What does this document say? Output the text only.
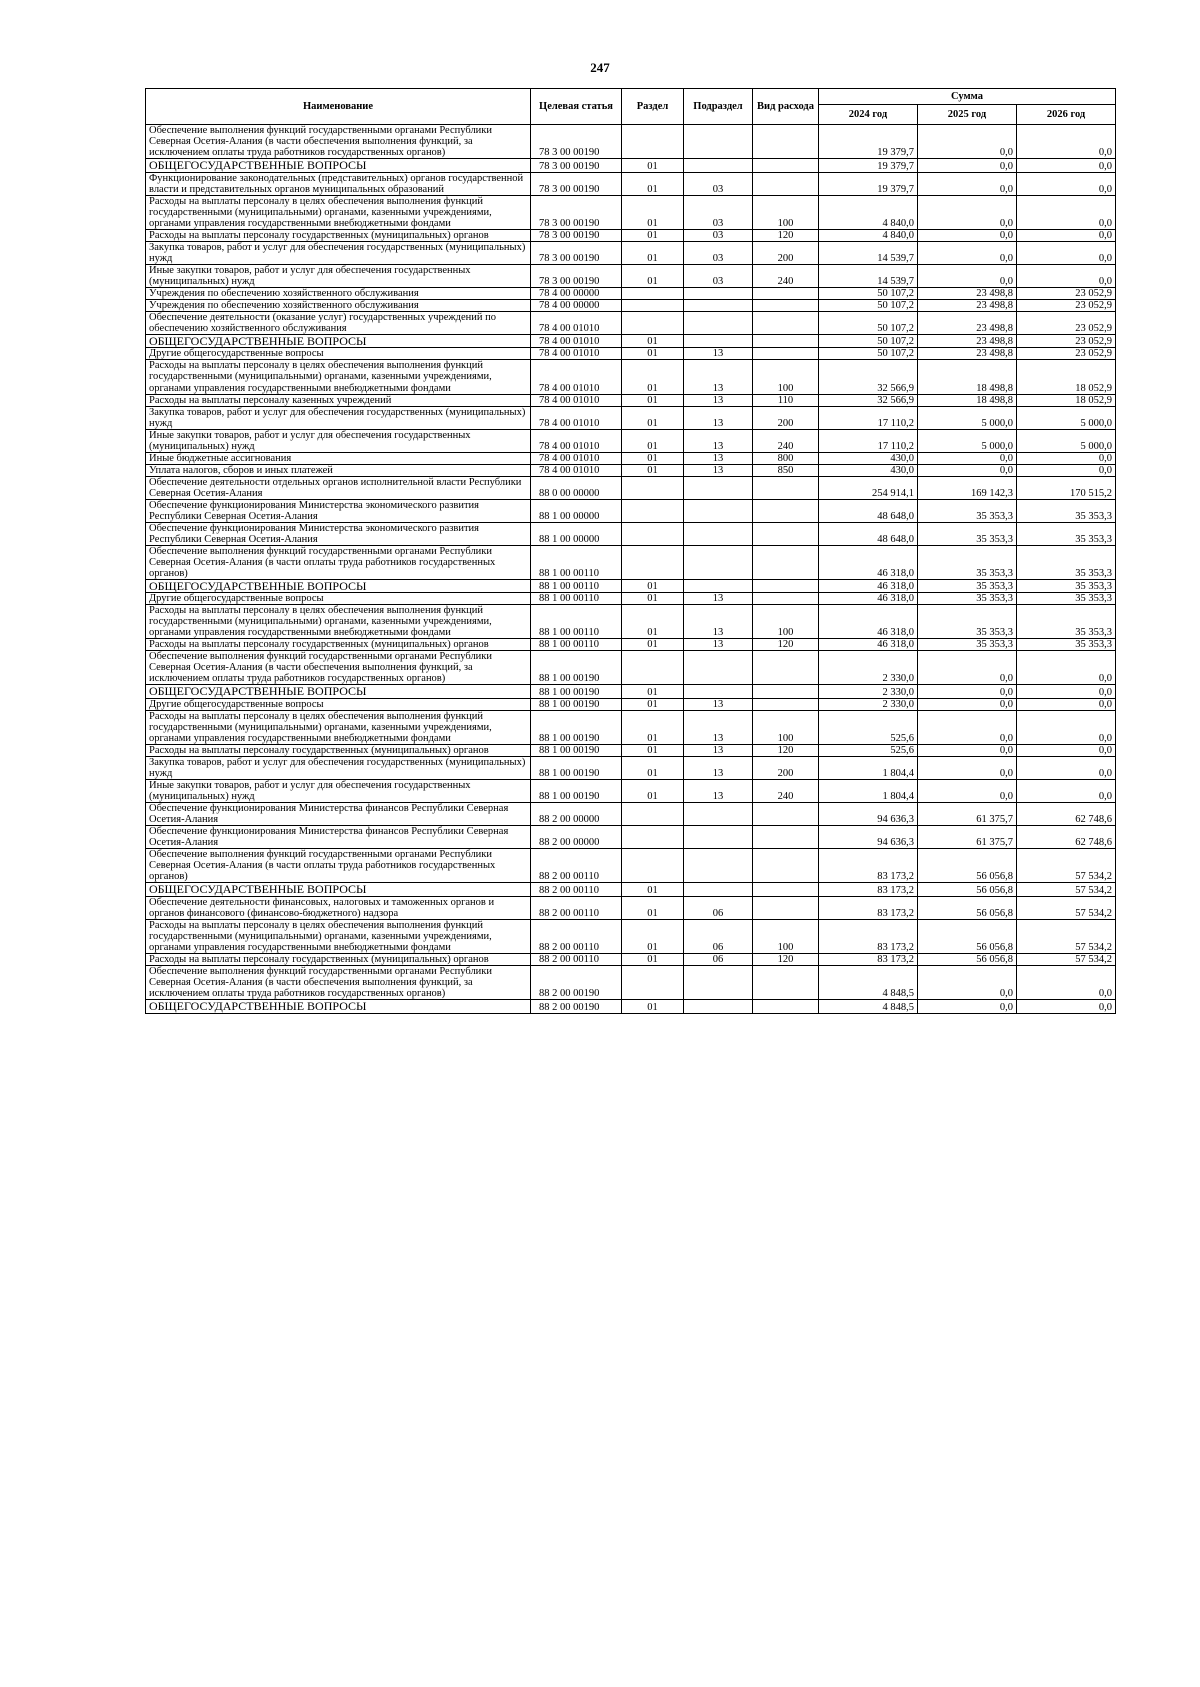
247
Наименование	Целевая статья	Раздел	Подраздел	Вид расхода	Сумма		
					2024 год	2025 год	2026 год
Обеспечение выполнения функций государственными органами Республики Северная Осетия-Алания (в части обеспечения выполнения функций, за исключением оплаты труда работников государственных органов)	78 3 00 00190				19 379,7	0,0	0,0
ОБЩЕГОСУДАРСТВЕННЫЕ ВОПРОСЫ	78 3 00 00190	01			19 379,7	0,0	0,0
Функционирование законодательных (представительных) органов государственной власти и представительных органов муниципальных образований	78 3 00 00190	01	03		19 379,7	0,0	0,0
Расходы на выплаты персоналу в целях обеспечения выполнения функций государственными (муниципальными) органами, казенными учреждениями, органами управления государственными внебюджетными фондами	78 3 00 00190	01	03	100	4 840,0	0,0	0,0
Расходы на выплаты персоналу государственных (муниципальных) органов	78 3 00 00190	01	03	120	4 840,0	0,0	0,0
Закупка товаров, работ и услуг для обеспечения государственных (муниципальных) нужд	78 3 00 00190	01	03	200	14 539,7	0,0	0,0
Иные закупки товаров, работ и услуг для обеспечения государственных (муниципальных) нужд	78 3 00 00190	01	03	240	14 539,7	0,0	0,0
Учреждения по обеспечению хозяйственного обслуживания	78 4 00 00000				50 107,2	23 498,8	23 052,9
Учреждения по обеспечению хозяйственного обслуживания	78 4 00 00000				50 107,2	23 498,8	23 052,9
Обеспечение деятельности (оказание услуг) государственных учреждений по обеспечению хозяйственного обслуживания	78 4 00 01010				50 107,2	23 498,8	23 052,9
ОБЩЕГОСУДАРСТВЕННЫЕ ВОПРОСЫ	78 4 00 01010	01			50 107,2	23 498,8	23 052,9
Другие общегосударственные вопросы	78 4 00 01010	01	13		50 107,2	23 498,8	23 052,9
Расходы на выплаты персоналу в целях обеспечения выполнения функций государственными (муниципальными) органами, казенными учреждениями, органами управления государственными внебюджетными фондами	78 4 00 01010	01	13	100	32 566,9	18 498,8	18 052,9
Расходы на выплаты персоналу казенных учреждений	78 4 00 01010	01	13	110	32 566,9	18 498,8	18 052,9
Закупка товаров, работ и услуг для обеспечения государственных (муниципальных) нужд	78 4 00 01010	01	13	200	17 110,2	5 000,0	5 000,0
Иные закупки товаров, работ и услуг для обеспечения государственных (муниципальных) нужд	78 4 00 01010	01	13	240	17 110,2	5 000,0	5 000,0
Иные бюджетные ассигнования	78 4 00 01010	01	13	800	430,0	0,0	0,0
Уплата налогов, сборов и иных платежей	78 4 00 01010	01	13	850	430,0	0,0	0,0
Обеспечение деятельности отдельных органов исполнительной власти Республики Северная Осетия-Алания	88 0 00 00000				254 914,1	169 142,3	170 515,2
Обеспечение функционирования Министерства экономического развития Республики Северная Осетия-Алания	88 1 00 00000				48 648,0	35 353,3	35 353,3
Обеспечение функционирования Министерства экономического развития Республики Северная Осетия-Алания	88 1 00 00000				48 648,0	35 353,3	35 353,3
Обеспечение выполнения функций государственными органами Республики Северная Осетия-Алания (в части оплаты труда работников государственных органов)	88 1 00 00110				46 318,0	35 353,3	35 353,3
ОБЩЕГОСУДАРСТВЕННЫЕ ВОПРОСЫ	88 1 00 00110	01			46 318,0	35 353,3	35 353,3
Другие общегосударственные вопросы	88 1 00 00110	01	13		46 318,0	35 353,3	35 353,3
Расходы на выплаты персоналу в целях обеспечения выполнения функций государственными (муниципальными) органами, казенными учреждениями, органами управления государственными внебюджетными фондами	88 1 00 00110	01	13	100	46 318,0	35 353,3	35 353,3
Расходы на выплаты персоналу государственных (муниципальных) органов	88 1 00 00110	01	13	120	46 318,0	35 353,3	35 353,3
Обеспечение выполнения функций государственными органами Республики Северная Осетия-Алания (в части обеспечения выполнения функций, за исключением оплаты труда работников государственных органов)	88 1 00 00190				2 330,0	0,0	0,0
ОБЩЕГОСУДАРСТВЕННЫЕ ВОПРОСЫ	88 1 00 00190	01			2 330,0	0,0	0,0
Другие общегосударственные вопросы	88 1 00 00190	01	13		2 330,0	0,0	0,0
Расходы на выплаты персоналу в целях обеспечения выполнения функций государственными (муниципальными) органами, казенными учреждениями, органами управления государственными внебюджетными фондами	88 1 00 00190	01	13	100	525,6	0,0	0,0
Расходы на выплаты персоналу государственных (муниципальных) органов	88 1 00 00190	01	13	120	525,6	0,0	0,0
Закупка товаров, работ и услуг для обеспечения государственных (муниципальных) нужд	88 1 00 00190	01	13	200	1 804,4	0,0	0,0
Иные закупки товаров, работ и услуг для обеспечения государственных (муниципальных) нужд	88 1 00 00190	01	13	240	1 804,4	0,0	0,0
Обеспечение функционирования Министерства финансов Республики Северная Осетия-Алания	88 2 00 00000				94 636,3	61 375,7	62 748,6
Обеспечение функционирования Министерства финансов Республики Северная Осетия-Алания	88 2 00 00000				94 636,3	61 375,7	62 748,6
Обеспечение выполнения функций государственными органами Республики Северная Осетия-Алания (в части оплаты труда работников государственных органов)	88 2 00 00110				83 173,2	56 056,8	57 534,2
ОБЩЕГОСУДАРСТВЕННЫЕ ВОПРОСЫ	88 2 00 00110	01			83 173,2	56 056,8	57 534,2
Обеспечение деятельности финансовых, налоговых и таможенных органов и органов финансового (финансово-бюджетного) надзора	88 2 00 00110	01	06		83 173,2	56 056,8	57 534,2
Расходы на выплаты персоналу в целях обеспечения выполнения функций государственными (муниципальными) органами, казенными учреждениями, органами управления государственными внебюджетными фондами	88 2 00 00110	01	06	100	83 173,2	56 056,8	57 534,2
Расходы на выплаты персоналу государственных (муниципальных) органов	88 2 00 00110	01	06	120	83 173,2	56 056,8	57 534,2
Обеспечение выполнения функций государственными органами Республики Северная Осетия-Алания (в части обеспечения выполнения функций, за исключением оплаты труда работников государственных органов)	88 2 00 00190				4 848,5	0,0	0,0
ОБЩЕГОСУДАРСТВЕННЫЕ ВОПРОСЫ	88 2 00 00190	01			4 848,5	0,0	0,0
